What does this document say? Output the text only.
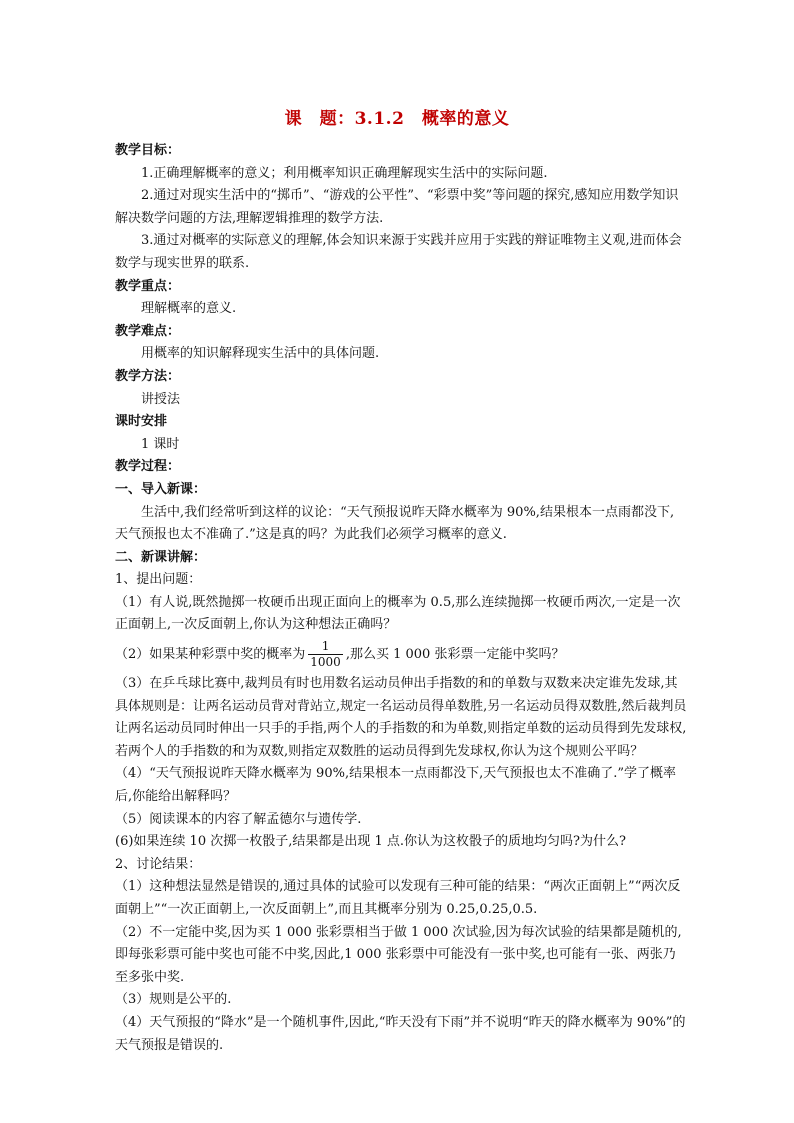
课　题：3.1.2　概率的意义

教学目标：

1.正确理解概率的意义；利用概率知识正确理解现实生活中的实际问题.

2.通过对现实生活中的“掷币”、“游戏的公平性”、“彩票中奖”等问题的探究,感知应用数学知识解决数学问题的方法,理解逻辑推理的数学方法.

3.通过对概率的实际意义的理解,体会知识来源于实践并应用于实践的辩证唯物主义观,进而体会数学与现实世界的联系.

教学重点：

理解概率的意义.

教学难点：

用概率的知识解释现实生活中的具体问题.

教学方法：

讲授法

课时安排

1 课时

教学过程：

一、导入新课：

生活中,我们经常听到这样的议论：“天气预报说昨天降水概率为 90%,结果根本一点雨都没下,天气预报也太不准确了.”这是真的吗？为此我们必须学习概率的意义.

二、新课讲解：

1、提出问题：

（1）有人说,既然抛掷一枚硬币出现正面向上的概率为 0.5,那么连续抛掷一枚硬币两次,一定是一次正面朝上,一次反面朝上,你认为这种想法正确吗？

（2）如果某种彩票中奖的概率为 $\frac{1}{1000}$ ,那么买 1 000 张彩票一定能中奖吗？

（3）在乒乓球比赛中,裁判员有时也用数名运动员伸出手指数的和的单数与双数来决定谁先发球,其具体规则是：让两名运动员背对背站立,规定一名运动员得单数胜,另一名运动员得双数胜,然后裁判员让两名运动员同时伸出一只手的手指,两个人的手指数的和为单数,则指定单数的运动员得到先发球权,若两个人的手指数的和为双数,则指定双数胜的运动员得到先发球权,你认为这个规则公平吗？

（4）“天气预报说昨天降水概率为 90%,结果根本一点雨都没下,天气预报也太不准确了.”学了概率后,你能给出解释吗？

（5）阅读课本的内容了解孟德尔与遗传学.

(6)如果连续 10 次掷一枚骰子,结果都是出现 1 点.你认为这枚骰子的质地均匀吗?为什么?

2、讨论结果：

（1）这种想法显然是错误的,通过具体的试验可以发现有三种可能的结果：“两次正面朝上”“两次反面朝上”“一次正面朝上,一次反面朝上”,而且其概率分别为 0.25,0.25,0.5.

（2）不一定能中奖,因为买 1 000 张彩票相当于做 1 000 次试验,因为每次试验的结果都是随机的,即每张彩票可能中奖也可能不中奖,因此,1 000 张彩票中可能没有一张中奖,也可能有一张、两张乃至多张中奖.

（3）规则是公平的.

（4）天气预报的“降水”是一个随机事件,因此,“昨天没有下雨”并不说明“昨天的降水概率为 90%”的天气预报是错误的.
